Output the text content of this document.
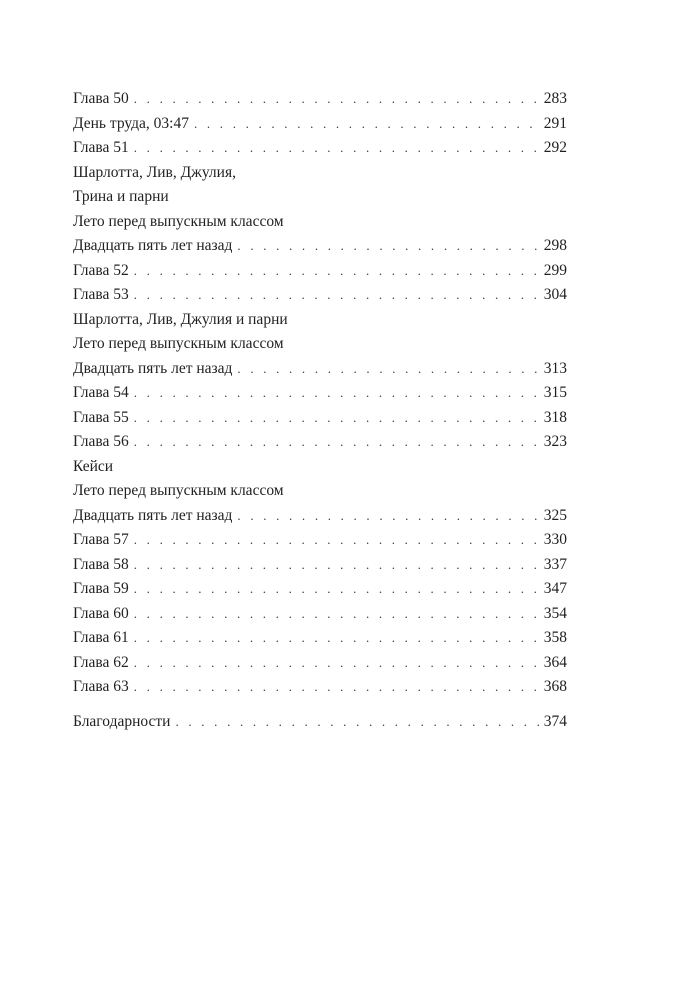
Глава 50 . . .	283
День труда, 03:47 . . .	291
Глава 51 . . .	292
Шарлотта, Лив, Джулия,
Трина и парни
Лето перед выпускным классом
Двадцать пять лет назад . . .	298
Глава 52 . . .	299
Глава 53 . . .	304
Шарлотта, Лив, Джулия и парни
Лето перед выпускным классом
Двадцать пять лет назад . . .	313
Глава 54 . . .	315
Глава 55 . . .	318
Глава 56 . . .	323
Кейси
Лето перед выпускным классом
Двадцать пять лет назад . . .	325
Глава 57 . . .	330
Глава 58 . . .	337
Глава 59 . . .	347
Глава 60 . . .	354
Глава 61 . . .	358
Глава 62 . . .	364
Глава 63 . . .	368
Благодарности . . .	374
